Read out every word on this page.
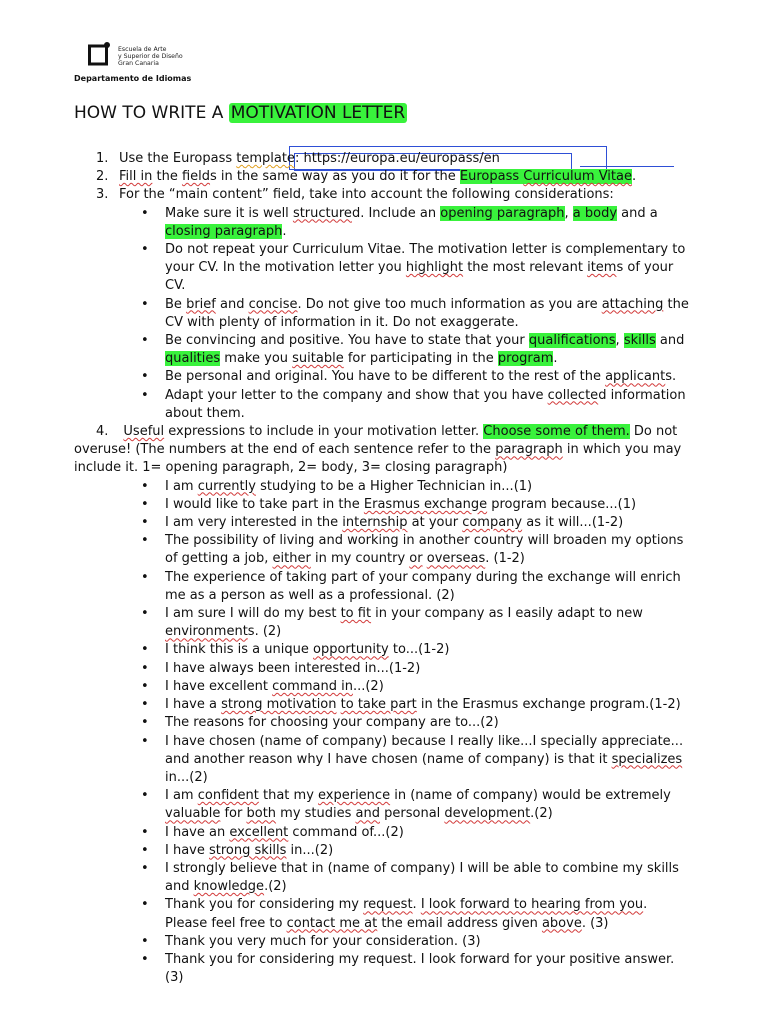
Escuela de Arte
y Superior de Diseño
Gran Canaria
Departamento de Idiomas
HOW TO WRITE A MOTIVATION LETTER
1. Use the Europass template: https://europa.eu/europass/en
2. Fill in the fields in the same way as you do it for the Europass Curriculum Vitae.
3. For the “main content” field, take into account the following considerations:
•	Make sure it is well structured. Include an opening paragraph, a body and a closing paragraph.
•	Do not repeat your Curriculum Vitae. The motivation letter is complementary to your CV. In the motivation letter you highlight the most relevant items of your CV.
•	Be brief and concise. Do not give too much information as you are attaching the CV with plenty of information in it. Do not exaggerate.
•	Be convincing and positive. You have to state that your qualifications, skills and qualities make you suitable for participating in the program.
•	Be personal and original. You have to be different to the rest of the applicants.
•	Adapt your letter to the company and show that you have collected information about them.
4. Useful expressions to include in your motivation letter. Choose some of them. Do not overuse! (The numbers at the end of each sentence refer to the paragraph in which you may include it. 1= opening paragraph, 2= body, 3= closing paragraph)
•	I am currently studying to be a Higher Technician in...(1)
•	I would like to take part in the Erasmus exchange program because...(1)
•	I am very interested in the internship at your company as it will...(1-2)
•	The possibility of living and working in another country will broaden my options of getting a job, either in my country or overseas. (1-2)
•	The experience of taking part of your company during the exchange will enrich me as a person as well as a professional. (2)
•	I am sure I will do my best to fit in your company as I easily adapt to new environments. (2)
•	I think this is a unique opportunity to...(1-2)
•	I have always been interested in...(1-2)
•	I have excellent command in...(2)
•	I have a strong motivation to take part in the Erasmus exchange program.(1-2)
•	The reasons for choosing your company are to...(2)
•	I have chosen (name of company) because I really like...I specially appreciate... and another reason why I have chosen (name of company) is that it specializes in...(2)
•	I am confident that my experience in (name of company) would be extremely valuable for both my studies and personal development.(2)
•	I have an excellent command of...(2)
•	I have strong skills in...(2)
•	I strongly believe that in (name of company) I will be able to combine my skills and knowledge.(2)
•	Thank you for considering my request. I look forward to hearing from you. Please feel free to contact me at the email address given above. (3)
•	Thank you very much for your consideration. (3)
•	Thank you for considering my request. I look forward for your positive answer.(3)
